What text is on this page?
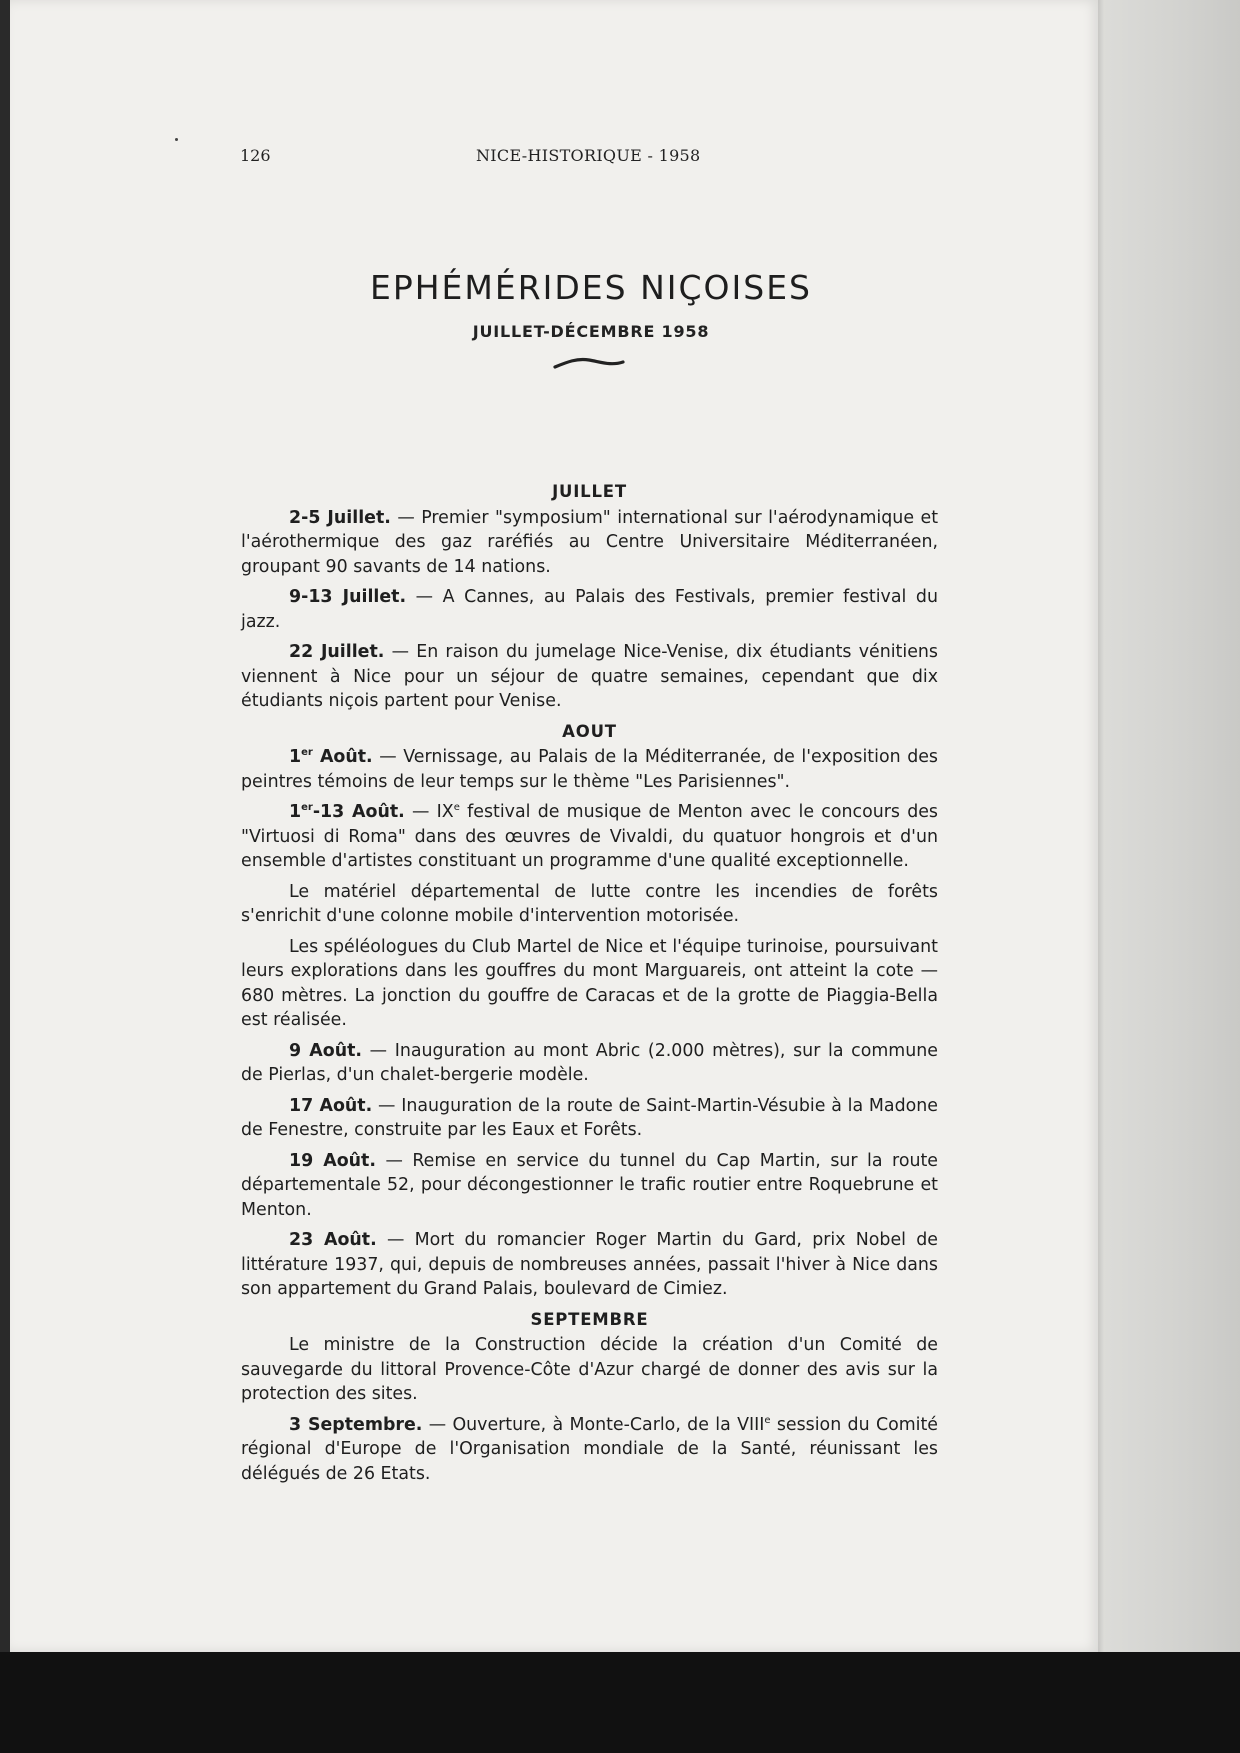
126	NICE-HISTORIQUE - 1958
EPHÉMÉRIDES NIÇOISES
JUILLET-DÉCEMBRE 1958
JUILLET

2-5 Juillet. — Premier "symposium" international sur l'aérodynamique et l'aérothermique des gaz raréfiés au Centre Universitaire Méditerranéen, groupant 90 savants de 14 nations.

9-13 Juillet. — A Cannes, au Palais des Festivals, premier festival du jazz.

22 Juillet. — En raison du jumelage Nice-Venise, dix étudiants vénitiens viennent à Nice pour un séjour de quatre semaines, cependant que dix étudiants niçois partent pour Venise.

AOUT

1er Août. — Vernissage, au Palais de la Méditerranée, de l'exposition des peintres témoins de leur temps sur le thème "Les Parisiennes".

1er-13 Août. — IXe festival de musique de Menton avec le concours des "Virtuosi di Roma" dans des œuvres de Vivaldi, du quatuor hongrois et d'un ensemble d'artistes constituant un programme d'une qualité exceptionnelle.

Le matériel départemental de lutte contre les incendies de forêts s'enrichit d'une colonne mobile d'intervention motorisée.

Les spéléologues du Club Martel de Nice et l'équipe turinoise, poursuivant leurs explorations dans les gouffres du mont Marguareis, ont atteint la cote — 680 mètres. La jonction du gouffre de Caracas et de la grotte de Piaggia-Bella est réalisée.

9 Août. — Inauguration au mont Abric (2.000 mètres), sur la commune de Pierlas, d'un chalet-bergerie modèle.

17 Août. — Inauguration de la route de Saint-Martin-Vésubie à la Madone de Fenestre, construite par les Eaux et Forêts.

19 Août. — Remise en service du tunnel du Cap Martin, sur la route départementale 52, pour décongestionner le trafic routier entre Roquebrune et Menton.

23 Août. — Mort du romancier Roger Martin du Gard, prix Nobel de littérature 1937, qui, depuis de nombreuses années, passait l'hiver à Nice dans son appartement du Grand Palais, boulevard de Cimiez.

SEPTEMBRE

Le ministre de la Construction décide la création d'un Comité de sauvegarde du littoral Provence-Côte d'Azur chargé de donner des avis sur la protection des sites.

3 Septembre. — Ouverture, à Monte-Carlo, de la VIIIe session du Comité régional d'Europe de l'Organisation mondiale de la Santé, réunissant les délégués de 26 Etats.
